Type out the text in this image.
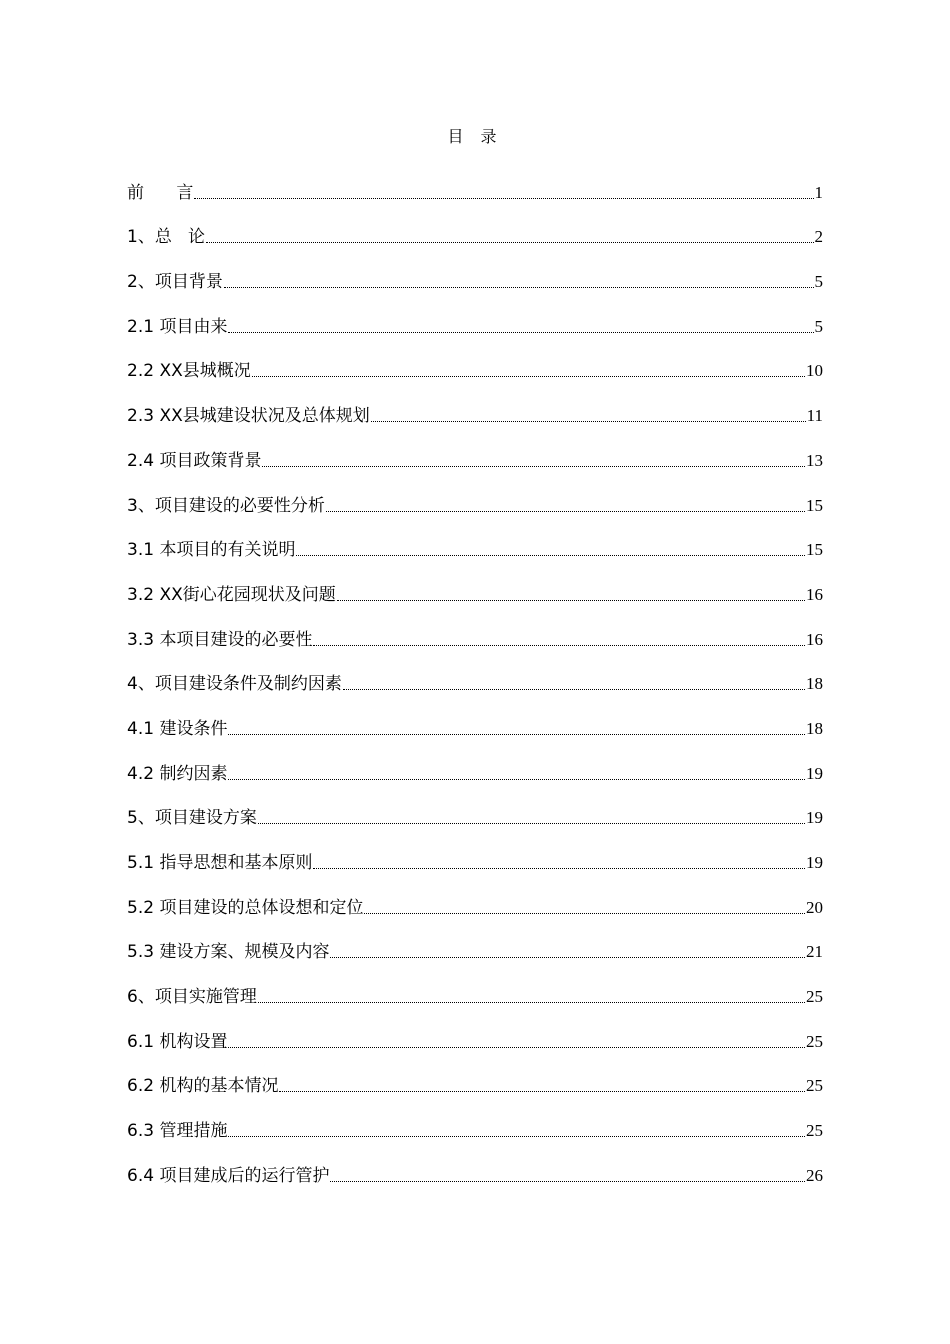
目 录
前      言	1
1、总   论	2
2、项目背景	5
2.1 项目由来	5
2.2 XX县城概况	10
2.3 XX县城建设状况及总体规划	11
2.4 项目政策背景	13
3、项目建设的必要性分析	15
3.1 本项目的有关说明	15
3.2 XX街心花园现状及问题	16
3.3 本项目建设的必要性	16
4、项目建设条件及制约因素	18
4.1 建设条件	18
4.2 制约因素	19
5、项目建设方案	19
5.1 指导思想和基本原则	19
5.2 项目建设的总体设想和定位	20
5.3 建设方案、规模及内容	21
6、项目实施管理	25
6.1 机构设置	25
6.2 机构的基本情况	25
6.3 管理措施	25
6.4 项目建成后的运行管护	26
